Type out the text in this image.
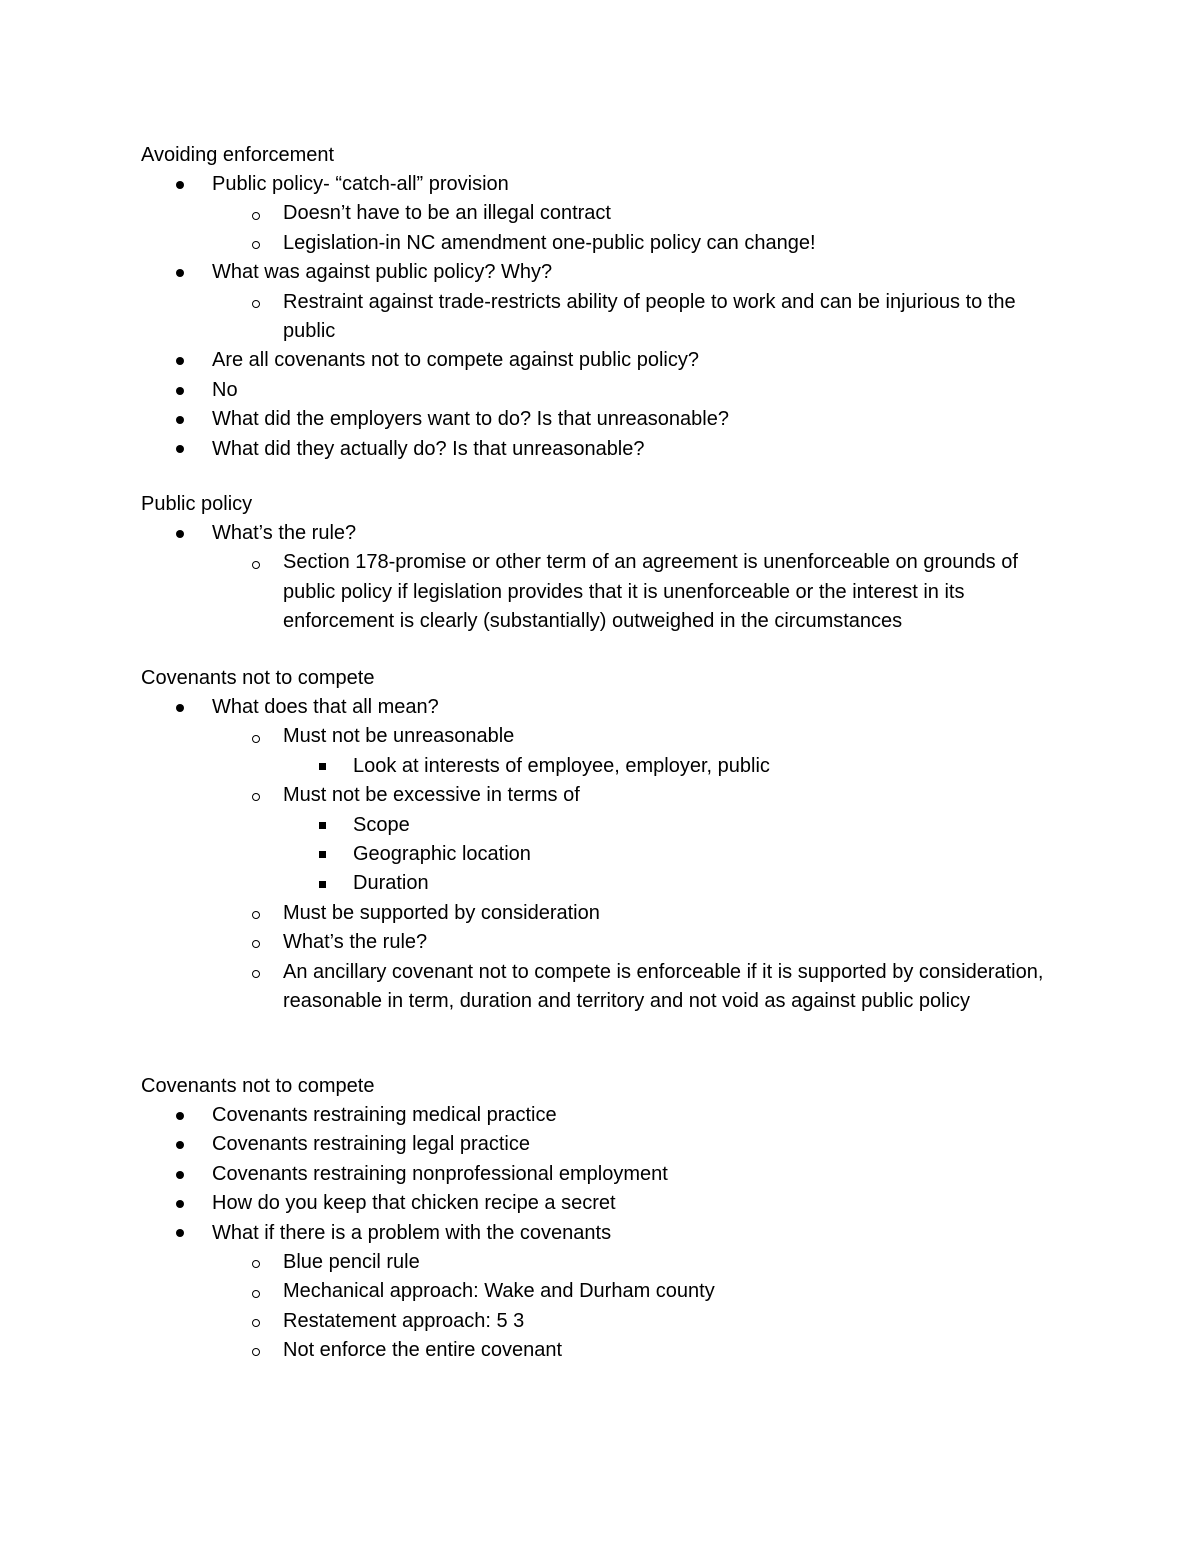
Avoiding enforcement
Public policy- “catch-all” provision
Doesn’t have to be an illegal contract
Legislation-in NC amendment one-public policy can change!
What was against public policy? Why?
Restraint against trade-restricts ability of people to work and can be injurious to the public
Are all covenants not to compete against public policy?
No
What did the employers want to do? Is that unreasonable?
What did they actually do? Is that unreasonable?
Public policy
What’s the rule?
Section 178-promise or other term of an agreement is unenforceable on grounds of public policy if legislation provides that it is unenforceable or the interest in its enforcement is clearly (substantially) outweighed in the circumstances
Covenants not to compete
What does that all mean?
Must not be unreasonable
Look at interests of employee, employer, public
Must not be excessive in terms of
Scope
Geographic location
Duration
Must be supported by consideration
What’s the rule?
An ancillary covenant not to compete is enforceable if it is supported by consideration, reasonable in term, duration and territory and not void as against public policy
Covenants not to compete
Covenants restraining medical practice
Covenants restraining legal practice
Covenants restraining nonprofessional employment
How do you keep that chicken recipe a secret
What if there is a problem with the covenants
Blue pencil rule
Mechanical approach: Wake and Durham county
Restatement approach: 5 3
Not enforce the entire covenant
